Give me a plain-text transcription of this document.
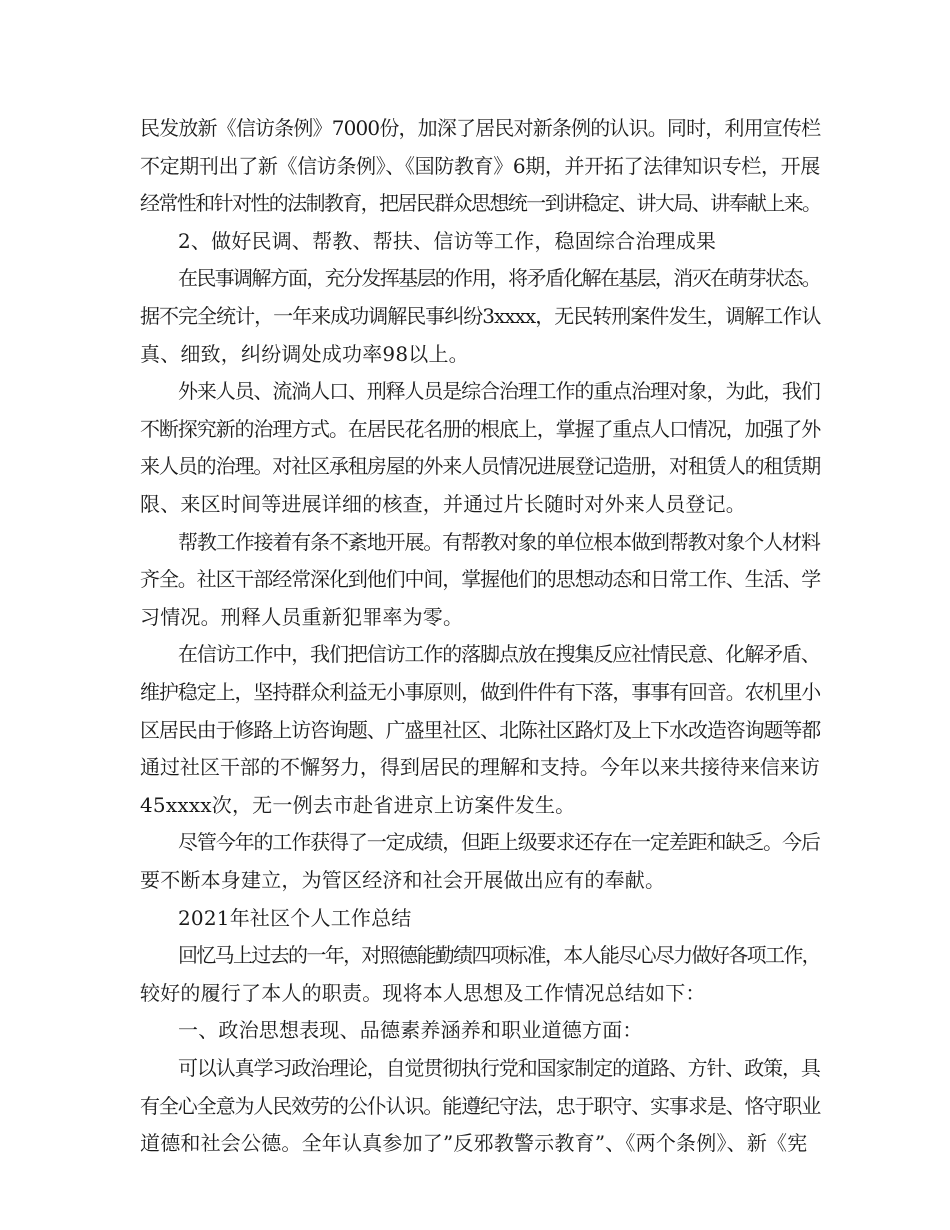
民发放新《信访条例》7000份，加深了居民对新条例的认识。同时，利用宣传栏
不定期刊出了新《信访条例》、《国防教育》6期，并开拓了法律知识专栏，开展
经常性和针对性的法制教育，把居民群众思想统一到讲稳定、讲大局、讲奉献上来。
2、做好民调、帮教、帮扶、信访等工作，稳固综合治理成果
在民事调解方面，充分发挥基层的作用，将矛盾化解在基层，消灭在萌芽状态。
据不完全统计，一年来成功调解民事纠纷3xxxx，无民转刑案件发生，调解工作认
真、细致，纠纷调处成功率98以上。
外来人员、流淌人口、刑释人员是综合治理工作的重点治理对象，为此，我们
不断探究新的治理方式。在居民花名册的根底上，掌握了重点人口情况，加强了外
来人员的治理。对社区承租房屋的外来人员情况进展登记造册，对租赁人的租赁期
限、来区时间等进展详细的核查，并通过片长随时对外来人员登记。
帮教工作接着有条不紊地开展。有帮教对象的单位根本做到帮教对象个人材料
齐全。社区干部经常深化到他们中间，掌握他们的思想动态和日常工作、生活、学
习情况。刑释人员重新犯罪率为零。
在信访工作中，我们把信访工作的落脚点放在搜集反应社情民意、化解矛盾、
维护稳定上，坚持群众利益无小事原则，做到件件有下落，事事有回音。农机里小
区居民由于修路上访咨询题、广盛里社区、北陈社区路灯及上下水改造咨询题等都
通过社区干部的不懈努力，得到居民的理解和支持。今年以来共接待来信来访
45xxxx次，无一例去市赴省进京上访案件发生。
尽管今年的工作获得了一定成绩，但距上级要求还存在一定差距和缺乏。今后
要不断本身建立，为管区经济和社会开展做出应有的奉献。
2021年社区个人工作总结
回忆马上过去的一年，对照德能勤绩四项标准，本人能尽心尽力做好各项工作，
较好的履行了本人的职责。现将本人思想及工作情况总结如下：
一、政治思想表现、品德素养涵养和职业道德方面：
可以认真学习政治理论，自觉贯彻执行党和国家制定的道路、方针、政策，具
有全心全意为人民效劳的公仆认识。能遵纪守法，忠于职守、实事求是、恪守职业
道德和社会公德。全年认真参加了”反邪教警示教育”、《两个条例》、新《宪
